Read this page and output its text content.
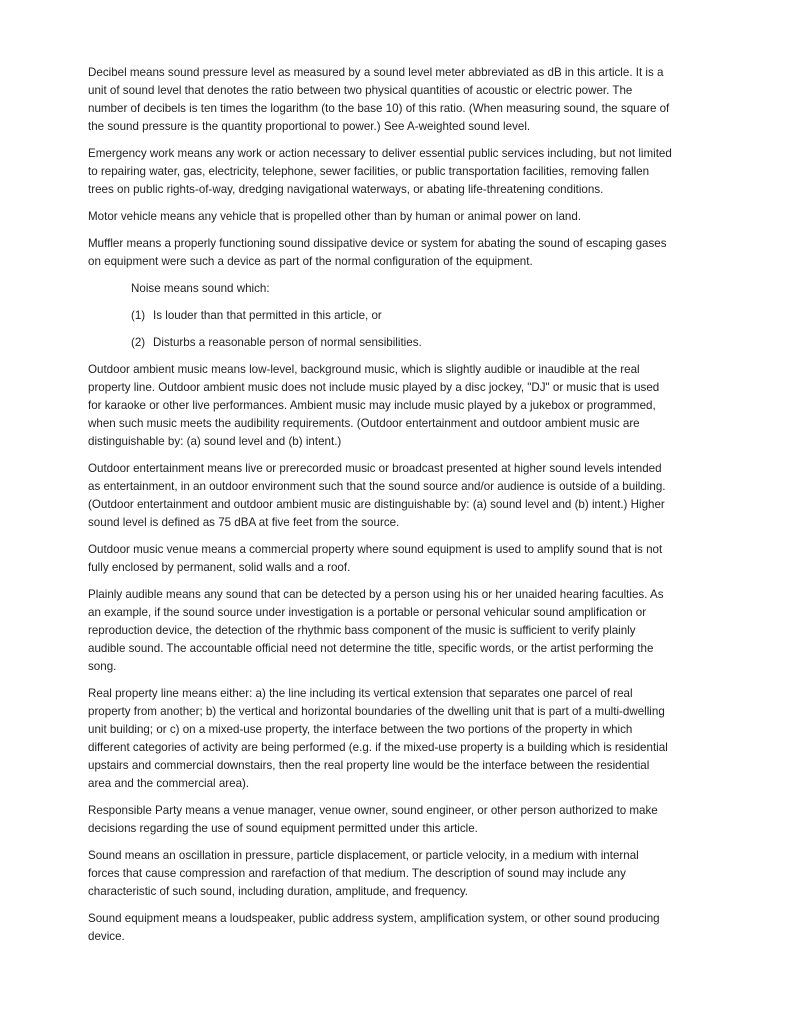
Decibel means sound pressure level as measured by a sound level meter abbreviated as dB in this article. It is a unit of sound level that denotes the ratio between two physical quantities of acoustic or electric power. The number of decibels is ten times the logarithm (to the base 10) of this ratio. (When measuring sound, the square of the sound pressure is the quantity proportional to power.) See A-weighted sound level.

Emergency work means any work or action necessary to deliver essential public services including, but not limited to repairing water, gas, electricity, telephone, sewer facilities, or public transportation facilities, removing fallen trees on public rights-of-way, dredging navigational waterways, or abating life-threatening conditions.

Motor vehicle means any vehicle that is propelled other than by human or animal power on land.

Muffler means a properly functioning sound dissipative device or system for abating the sound of escaping gases on equipment were such a device as part of the normal configuration of the equipment.

Noise means sound which:

(1) Is louder than that permitted in this article, or
(2) Disturbs a reasonable person of normal sensibilities.

Outdoor ambient music means low-level, background music, which is slightly audible or inaudible at the real property line. Outdoor ambient music does not include music played by a disc jockey, "DJ" or music that is used for karaoke or other live performances. Ambient music may include music played by a jukebox or programmed, when such music meets the audibility requirements. (Outdoor entertainment and outdoor ambient music are distinguishable by: (a) sound level and (b) intent.)

Outdoor entertainment means live or prerecorded music or broadcast presented at higher sound levels intended as entertainment, in an outdoor environment such that the sound source and/or audience is outside of a building. (Outdoor entertainment and outdoor ambient music are distinguishable by: (a) sound level and (b) intent.) Higher sound level is defined as 75 dBA at five feet from the source.

Outdoor music venue means a commercial property where sound equipment is used to amplify sound that is not fully enclosed by permanent, solid walls and a roof.

Plainly audible means any sound that can be detected by a person using his or her unaided hearing faculties. As an example, if the sound source under investigation is a portable or personal vehicular sound amplification or reproduction device, the detection of the rhythmic bass component of the music is sufficient to verify plainly audible sound. The accountable official need not determine the title, specific words, or the artist performing the song.

Real property line means either: a) the line including its vertical extension that separates one parcel of real property from another; b) the vertical and horizontal boundaries of the dwelling unit that is part of a multi-dwelling unit building; or c) on a mixed-use property, the interface between the two portions of the property in which different categories of activity are being performed (e.g. if the mixed-use property is a building which is residential upstairs and commercial downstairs, then the real property line would be the interface between the residential area and the commercial area).

Responsible Party means a venue manager, venue owner, sound engineer, or other person authorized to make decisions regarding the use of sound equipment permitted under this article.

Sound means an oscillation in pressure, particle displacement, or particle velocity, in a medium with internal forces that cause compression and rarefaction of that medium. The description of sound may include any characteristic of such sound, including duration, amplitude, and frequency.

Sound equipment means a loudspeaker, public address system, amplification system, or other sound producing device.
